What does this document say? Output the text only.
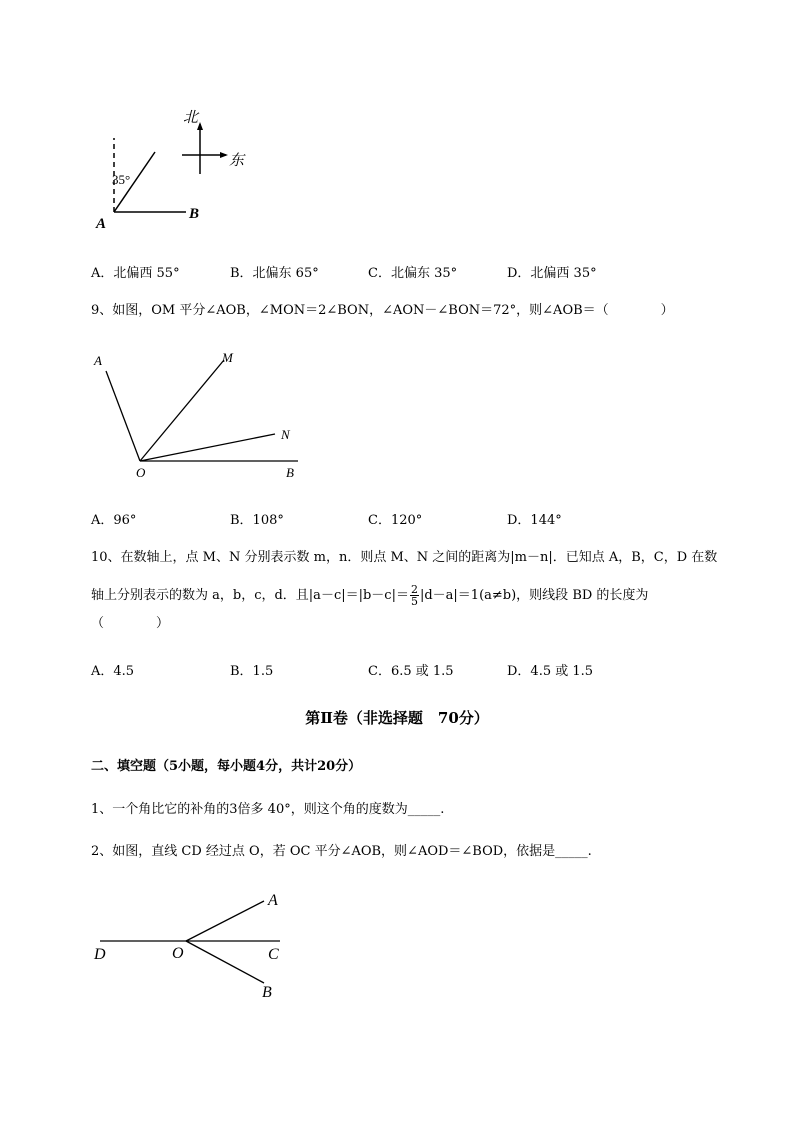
北
东
35°
A
B
A．北偏西 55°	B．北偏东 65°	C．北偏东 35°	D．北偏西 35°
9、如图，OM 平分∠AOB，∠MON＝2∠BON，∠AON－∠BON＝72°，则∠AOB＝（　　　　）
A	M
N
O	B
A．96°	B．108°	C．120°	D．144°
10、在数轴上，点 M、N 分别表示数 m，n．则点 M、N 之间的距离为|m－n|．已知点 A，B，C，D 在数
轴上分别表示的数为 a，b，c，d．且$|a-c|=|b-c|= \frac{2}{5} |d-a|=1(a\ne b)$，则线段 BD 的长度为
（　　　　）
A．4.5	B．1.5	C．6.5 或 1.5	D．4.5 或 1.5
第Ⅱ卷（非选择题　70分）
二、填空题（5小题，每小题4分，共计20分）
1、一个角比它的补角的3倍多 40°，则这个角的度数为_____.
2、如图，直线 CD 经过点 O，若 OC 平分∠AOB，则∠AOD＝∠BOD，依据是_____.
A
D	O	C
B
